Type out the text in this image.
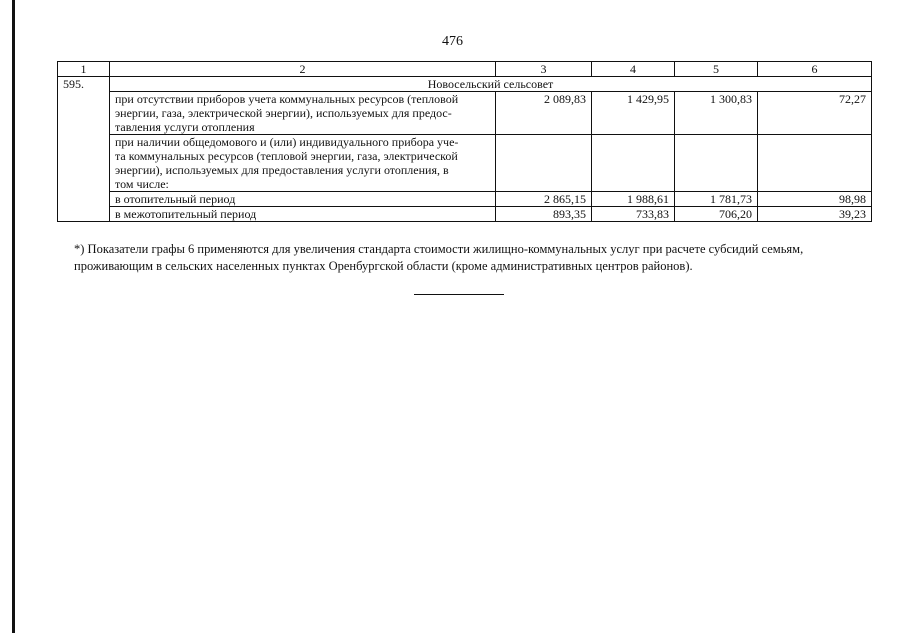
476
1	2	3	4	5	6
595.	Новосельский сельсовет				

	при отсутствии приборов учета коммунальных ресурсов (тепловой
энергии, газа, электрической энергии), используемых для предос-
тавления услуги отопления	2 089,83	1 429,95	1 300,83	72,27

	при наличии общедомового и (или) индивидуального прибора уче-
та коммунальных ресурсов (тепловой энергии, газа, электрической
энергии), используемых для предоставления услуги отопления, в
том числе:				

	в отопительный период	2 865,15	1 988,61	1 781,73	98,98
	в межотопительный период	893,35	733,83	706,20	39,23
*) Показатели графы 6 применяются для увеличения стандарта стоимости жилищно-коммунальных услуг при расчете субсидий семьям,
проживающим в сельских населенных пунктах Оренбургской области (кроме административных центров районов).
